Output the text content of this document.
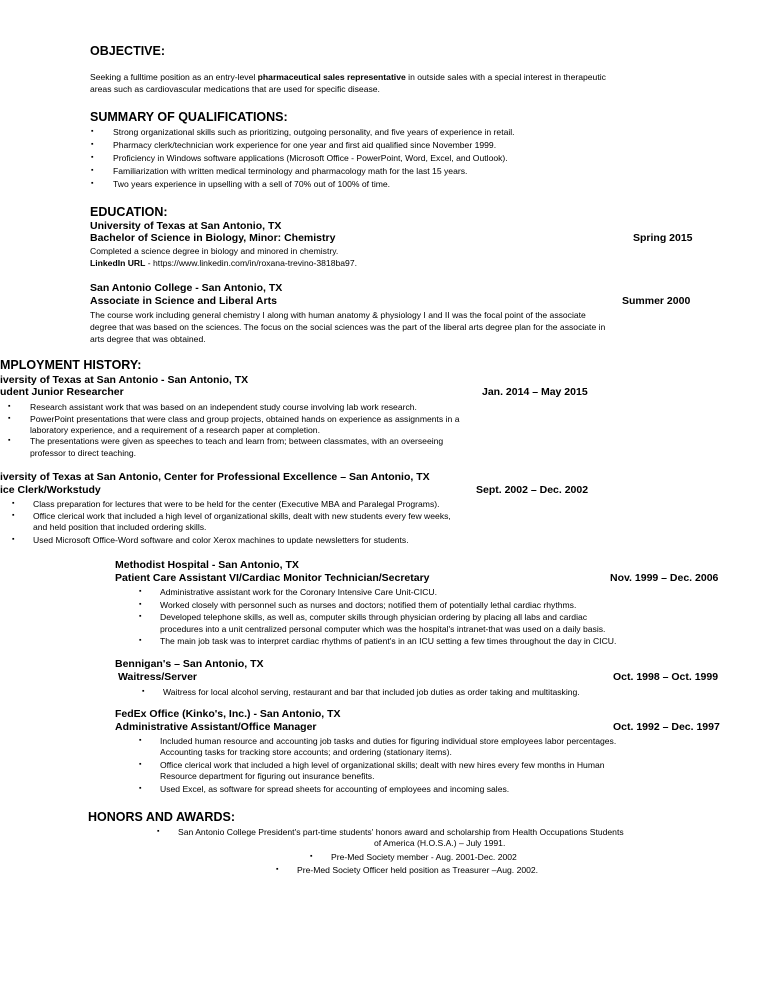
OBJECTIVE:
Seeking a fulltime position as an entry-level pharmaceutical sales representative in outside sales with a special interest in therapeutic
areas such as cardiovascular medications that are used for specific disease.
SUMMARY OF QUALIFICATIONS:
▪ Strong organizational skills such as prioritizing, outgoing personality, and five years of experience in retail.
▪ Pharmacy clerk/technician work experience for one year and first aid qualified since November 1999.
▪ Proficiency in Windows software applications (Microsoft Office - PowerPoint, Word, Excel, and Outlook).
▪ Familiarization with written medical terminology and pharmacology math for the last 15 years.
▪ Two years experience in upselling with a sell of 70% out of 100% of time.
EDUCATION:
University of Texas at San Antonio, TX
Bachelor of Science in Biology, Minor: Chemistry	Spring 2015
Completed a science degree in biology and minored in chemistry.
LinkedIn URL - https://www.linkedin.com/in/roxana-trevino-3818ba97.
San Antonio College - San Antonio, TX
Associate in Science and Liberal Arts	Summer 2000
The course work including general chemistry I along with human anatomy & physiology I and II was the focal point of the associate
degree that was based on the sciences. The focus on the social sciences was the part of the liberal arts degree plan for the associate in
arts degree that was obtained.
MPLOYMENT HISTORY:
iversity of Texas at San Antonio - San Antonio, TX
udent Junior Researcher	Jan. 2014 – May 2015
▪ Research assistant work that was based on an independent study course involving lab work research.
▪ PowerPoint presentations that were class and group projects, obtained hands on experience as assignments in a
laboratory experience, and a requirement of a research paper at completion.
▪ The presentations were given as speeches to teach and learn from; between classmates, with an overseeing
professor to direct teaching.
iversity of Texas at San Antonio, Center for Professional Excellence – San Antonio, TX
ice Clerk/Workstudy	Sept. 2002 – Dec. 2002
▪ Class preparation for lectures that were to be held for the center (Executive MBA and Paralegal Programs).
▪ Office clerical work that included a high level of organizational skills, dealt with new students every few weeks,
and held position that included ordering skills.
▪ Used Microsoft Office-Word software and color Xerox machines to update newsletters for students.
Methodist Hospital - San Antonio, TX
Patient Care Assistant VI/Cardiac Monitor Technician/Secretary	Nov. 1999 – Dec. 2006
▪ Administrative assistant work for the Coronary Intensive Care Unit-CICU.
▪ Worked closely with personnel such as nurses and doctors; notified them of potentially lethal cardiac rhythms.
▪ Developed telephone skills, as well as, computer skills through physician ordering by placing all labs and cardiac
procedures into a unit centralized personal computer which was the hospital's intranet-that was used on a daily basis.
▪ The main job task was to interpret cardiac rhythms of patient's in an ICU setting a few times throughout the day in CICU.
Bennigan's – San Antonio, TX
Waitress/Server	Oct. 1998 – Oct. 1999
▪ Waitress for local alcohol serving, restaurant and bar that included job duties as order taking and multitasking.
FedEx Office (Kinko's, Inc.) - San Antonio, TX
Administrative Assistant/Office Manager	Oct. 1992 – Dec. 1997
▪ Included human resource and accounting job tasks and duties for figuring individual store employees labor percentages.
Accounting tasks for tracking store accounts; and ordering (stationary items).
▪ Office clerical work that included a high level of organizational skills; dealt with new hires every few months in Human
Resource department for figuring out insurance benefits.
▪ Used Excel, as software for spread sheets for accounting of employees and incoming sales.
HONORS AND AWARDS:
▪ San Antonio College President's part-time students' honors award and scholarship from Health Occupations Students
of America (H.O.S.A.) – July 1991.
▪ Pre-Med Society member - Aug. 2001-Dec. 2002
▪ Pre-Med Society Officer held position as Treasurer –Aug. 2002.
